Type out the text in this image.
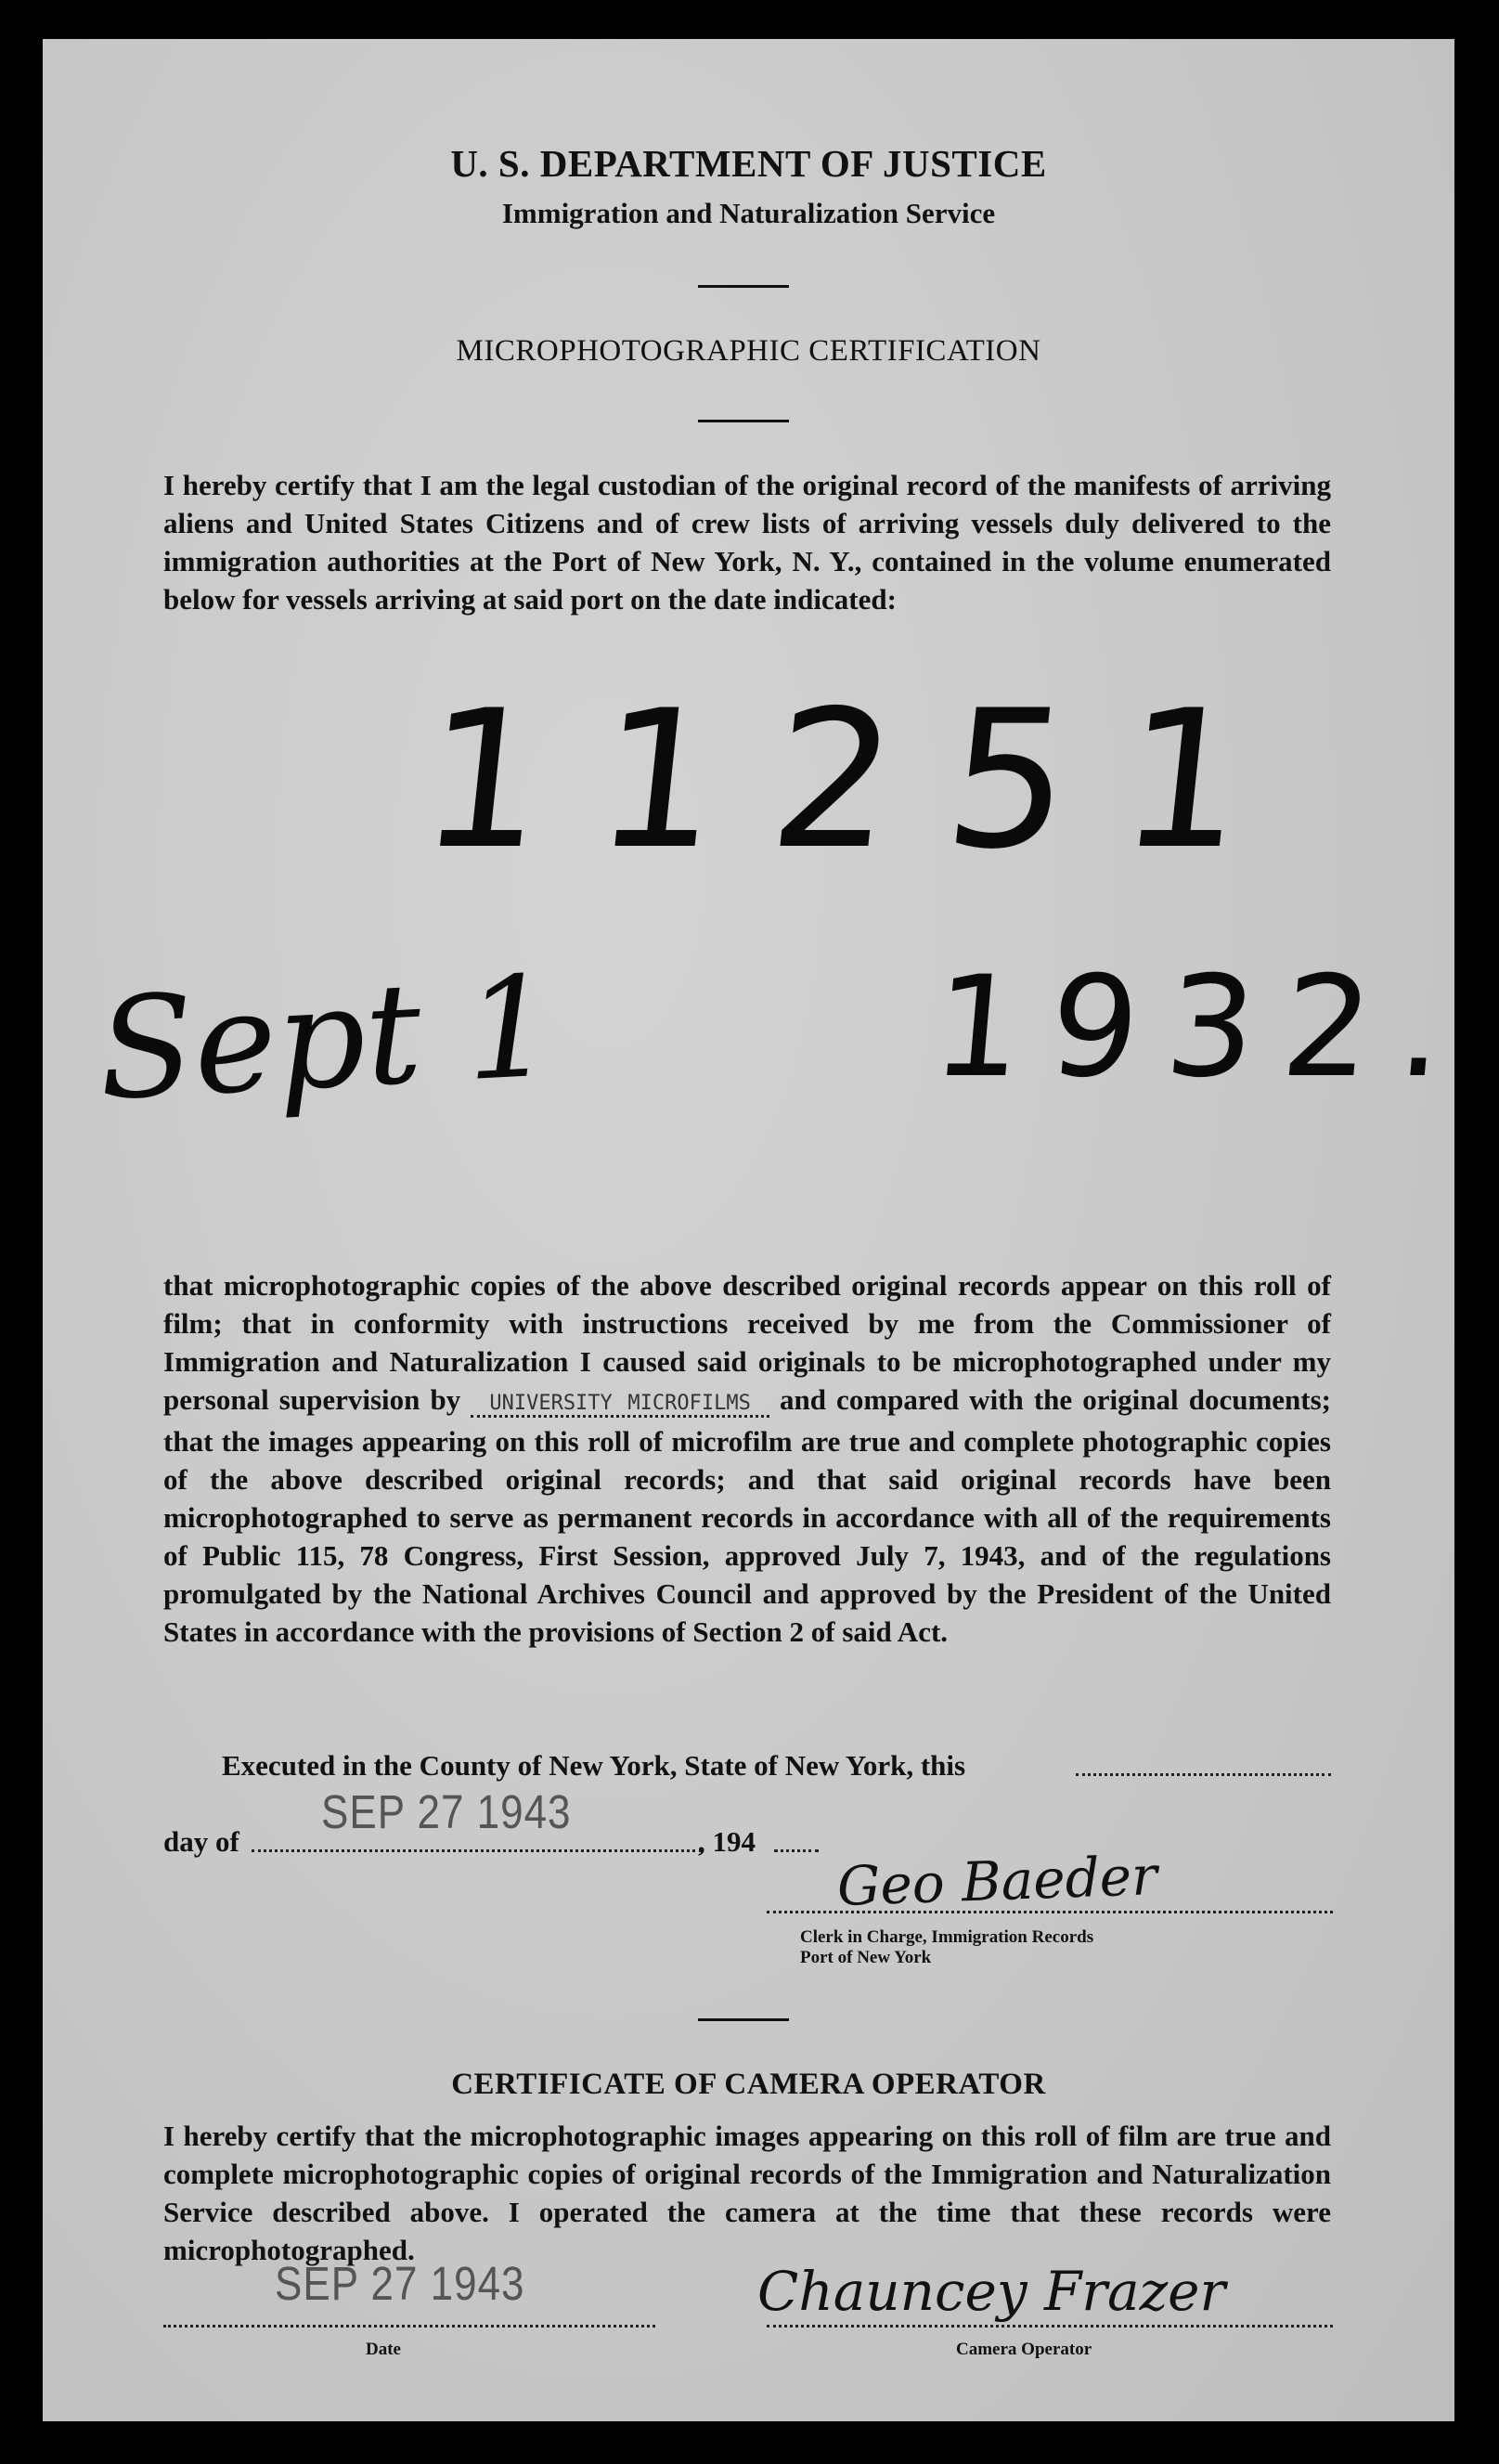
U. S. DEPARTMENT OF JUSTICE
Immigration and Naturalization Service
MICROPHOTOGRAPHIC CERTIFICATION
I hereby certify that I am the legal custodian of the original record of the manifests of arriving aliens and United States Citizens and of crew lists of arriving vessels duly delivered to the immigration authorities at the Port of New York, N. Y., contained in the volume enumerated below for vessels arriving at said port on the date indicated:
11251
Sept 1	1932.
that microphotographic copies of the above described original records appear on this roll of film; that in conformity with instructions received by me from the Commissioner of Immigration and Naturalization I caused said originals to be microphotographed under my personal supervision by UNIVERSITY MICROFILMS and compared with the original documents; that the images appearing on this roll of microfilm are true and complete photographic copies of the above described original records; and that said original records have been microphotographed to serve as permanent records in accordance with all of the requirements of Public 115, 78 Congress, First Session, approved July 7, 1943, and of the regulations promulgated by the National Archives Council and approved by the President of the United States in accordance with the provisions of Section 2 of said Act.
Executed in the County of New York, State of New York, this
day of
SEP 27 1943
, 194
Geo Baeder
Clerk in Charge, Immigration Records
Port of New York
CERTIFICATE OF CAMERA OPERATOR
I hereby certify that the microphotographic images appearing on this roll of film are true and complete microphotographic copies of original records of the Immigration and Naturalization Service described above. I operated the camera at the time that these records were microphotographed.
SEP 27 1943
Date
Chauncey Frazer
Camera Operator
